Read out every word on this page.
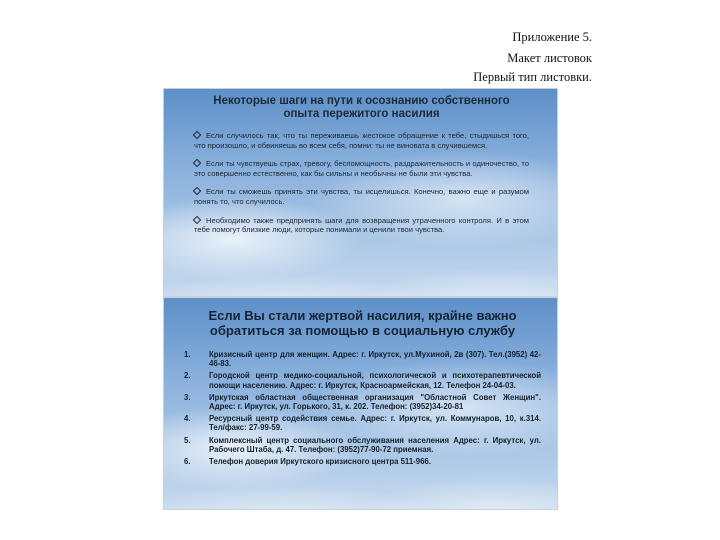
Приложение 5.

Макет листовок

Первый тип листовки.

Некоторые шаги на пути к осознанию собственного опыта пережитого насилия

Если случилось так, что ты переживаешь жестокое обращение к тебе, стыдишься того, что произошло, и обвиняешь во всем себя, помни: ты не виновата в случившемся.
Если ты чувствуешь страх, тревогу, беспомощность, раздражительность и одиночество, то это совершенно естественно, как бы сильны и необычны не были эти чувства.
Если ты сможешь принять эти чувства, ты исцелишься. Конечно, важно еще и разумом понять то, что случилось.
Необходимо также предпринять шаги для возвращения утраченного контроля. И в этом тебе помогут близкие люди, которые понимали и ценили твои чувства.

Если Вы стали жертвой насилия, крайне важно обратиться за помощью в социальную службу

1. Кризисный центр для женщин. Адрес: г. Иркутск, ул.Мухиной, 2в (307). Тел.(3952) 42-46-83.
2. Городской центр медико-социальной, психологической и психотерапевтической помощи населению. Адрес: г. Иркутск, Красноармейская, 12. Телефон 24-04-03.
3. Иркутская областная общественная организация "Областной Совет Женщин". Адрес: г. Иркутск, ул. Горького, 31, к. 202. Телефон: (3952)34-20-81
4. Ресурсный центр содействия семье. Адрес: г. Иркутск, ул. Коммунаров, 10, к.314. Тел/факс: 27-99-59.
5. Комплексный центр социального обслуживания населения Адрес: г. Иркутск, ул. Рабочего Штаба, д. 47. Телефон: (3952)77-90-72 приемная.
6. Телефон доверия Иркутского кризисного центра 511-966.
